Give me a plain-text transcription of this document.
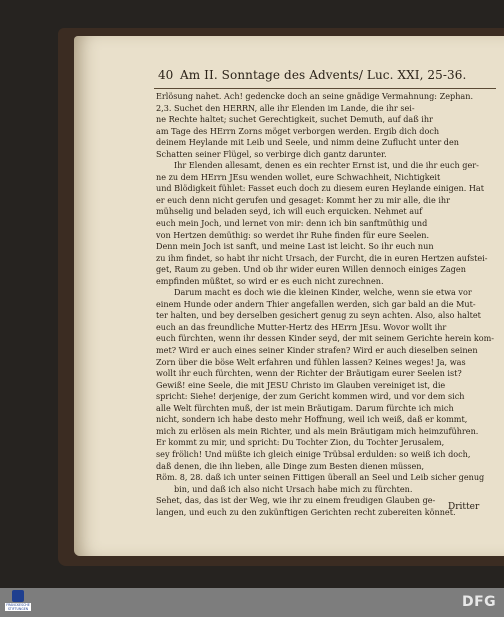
40 Am II. Sonntage des Advents/ Luc. XXI, 25-36.
Erlösung nahet. Ach! gedencke doch an seine gnädige Vermahnung: Zephan.
2,3. Suchet den HERRN, alle ihr Elenden im Lande, die ihr sei-
ne Rechte haltet; suchet Gerechtigkeit, suchet Demuth, auf daß ihr
am Tage des HErrn Zorns möget verborgen werden. Ergib dich doch
deinem Heylande mit Leib und Seele, und nimm deine Zuflucht unter den
Schatten seiner Flügel, so verbirge dich gantz darunter.
Ihr Elenden allesamt, denen es ein rechter Ernst ist, und die ihr euch ger-
ne zu dem HErrn JEsu wenden wollet, eure Schwachheit, Nichtigkeit
und Blödigkeit fühlet: Fasset euch doch zu diesem euren Heylande einigen. Hat
er euch denn nicht gerufen und gesaget: Kommt her zu mir alle, die ihr
mühselig und beladen seyd, ich will euch erquicken. Nehmet auf
euch mein Joch, und lernet von mir: denn ich bin sanftmüthig und
von Hertzen demüthig: so werdet ihr Ruhe finden für eure Seelen.
Denn mein Joch ist sanft, und meine Last ist leicht. So ihr euch nun
zu ihm findet, so habt ihr nicht Ursach, der Furcht, die in euren Hertzen aufstei-
get, Raum zu geben. Und ob ihr wider euren Willen dennoch einiges Zagen
empfinden müßtet, so wird er es euch nicht zurechnen.
Darum macht es doch wie die kleinen Kinder, welche, wenn sie etwa vor
einem Hunde oder andern Thier angefallen werden, sich gar bald an die Mut-
ter halten, und bey derselben gesichert genug zu seyn achten. Also, also haltet
euch an das freundliche Mutter-Hertz des HErrn JEsu. Wovor wollt ihr
euch fürchten, wenn ihr dessen Kinder seyd, der mit seinem Gerichte herein kom-
met? Wird er auch eines seiner Kinder strafen? Wird er auch dieselben seinen
Zorn über die böse Welt erfahren und fühlen lassen? Keines weges! Ja, was
wollt ihr euch fürchten, wenn der Richter der Bräutigam eurer Seelen ist?
Gewiß! eine Seele, die mit JESU Christo im Glauben vereiniget ist, die
spricht: Siehe! derjenige, der zum Gericht kommen wird, und vor dem sich
alle Welt fürchten muß, der ist mein Bräutigam. Darum fürchte ich mich
nicht, sondern ich habe desto mehr Hoffnung, weil ich weiß, daß er kommt,
mich zu erlösen als mein Richter, und als mein Bräutigam mich heimzuführen.
Er kommt zu mir, und spricht: Du Tochter Zion, du Tochter Jerusalem,
sey frölich! Und müßte ich gleich einige Trübsal erdulden: so weiß ich doch,
daß denen, die ihn lieben, alle Dinge zum Besten dienen müssen,
Röm. 8, 28. daß ich unter seinen Fittigen überall an Seel und Leib sicher genug
bin, und daß ich also nicht Ursach habe mich zu fürchten.
Sehet, das, das ist der Weg, wie ihr zu einem freudigen Glauben ge-
langen, und euch zu den zukünftigen Gerichten recht zubereiten könnet.
Dritter
FRANCKESCHE STIFTUNGEN	DFG
